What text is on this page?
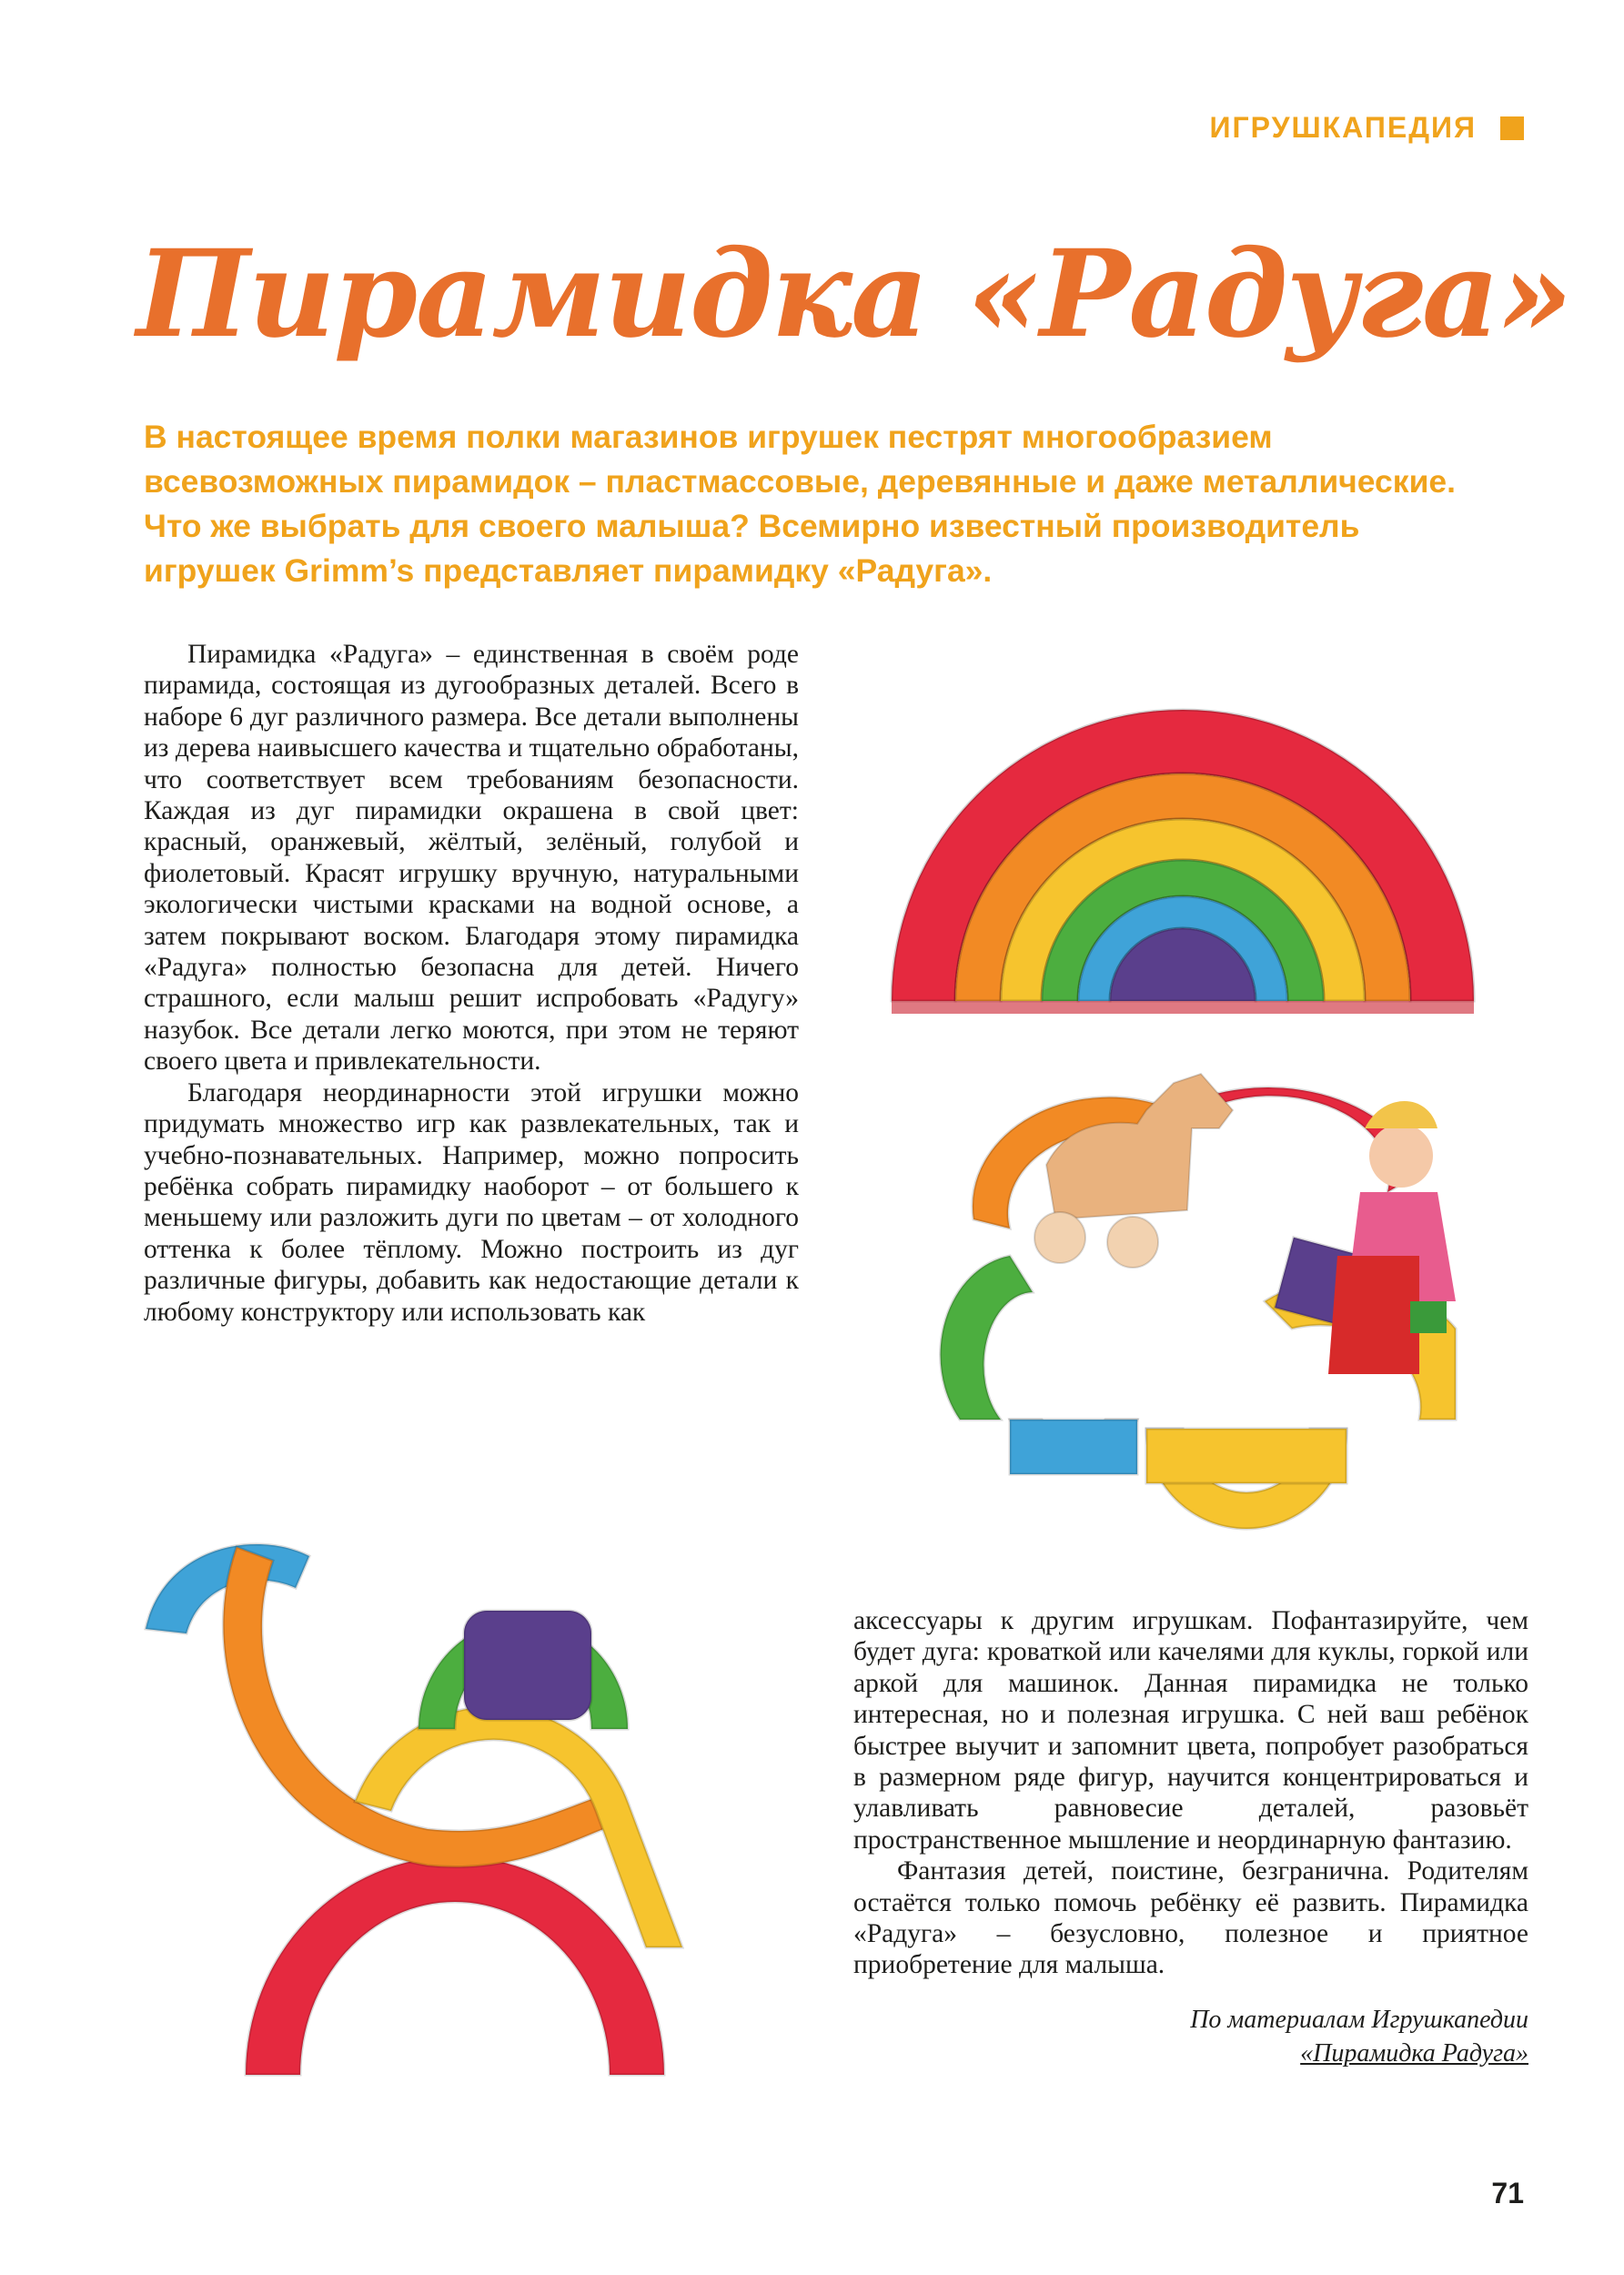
ИГРУШКАПЕДИЯ
Пирамидка «Радуга»
В настоящее время полки магазинов игрушек пестрят многообразием
всевозможных пирамидок – пластмассовые, деревянные и даже металлические.
Что же выбрать для своего малыша? Всемирно известный производитель
игрушек Grimm’s представляет пирамидку «Радуга».

Пирамидка «Радуга» – единственная в своём роде пирамида, состоящая из дугообразных деталей. Всего в наборе 6 дуг различного размера. Все детали выполнены из дерева наивысшего качества и тщательно обработаны, что соответствует всем требованиям безопасности. Каждая из дуг пирамидки окрашена в свой цвет: красный, оранжевый, жёлтый, зелёный, голубой и фиолетовый. Красят игрушку вручную, натуральными экологически чистыми красками на водной основе, а затем покрывают воском. Благодаря этому пирамидка «Радуга» полностью безопасна для детей. Ничего страшного, если малыш решит испробовать «Радугу» назубок. Все детали легко моются, при этом не теряют своего цвета и привлекательности.

Благодаря неординарности этой игрушки можно придумать множество игр как развлекательных, так и учебно-познавательных. Например, можно попросить ребёнка собрать пирамидку наоборот – от большего к меньшему или разложить дуги по цветам – от холодного оттенка к более тёплому. Можно построить из дуг различные фигуры, добавить как недостающие детали к любому конструктору или использовать как

аксессуары к другим игрушкам. Пофантазируйте, чем будет дуга: кроваткой или качелями для куклы, горкой или аркой для машинок. Данная пирамидка не только интересная, но и полезная игрушка. С ней ваш ребёнок быстрее выучит и запомнит цвета, попробует разобраться в размерном ряде фигур, научится концентрироваться и улавливать равновесие деталей, разовьёт пространственное мышление и неординарную фантазию.

Фантазия детей, поистине, безгранична. Родителям остаётся только помочь ребёнку её развить. Пирамидка «Радуга» – безусловно, полезное и приятное приобретение для малыша.

По материалам Игрушкапедии
«Пирамидка Радуга»
71
